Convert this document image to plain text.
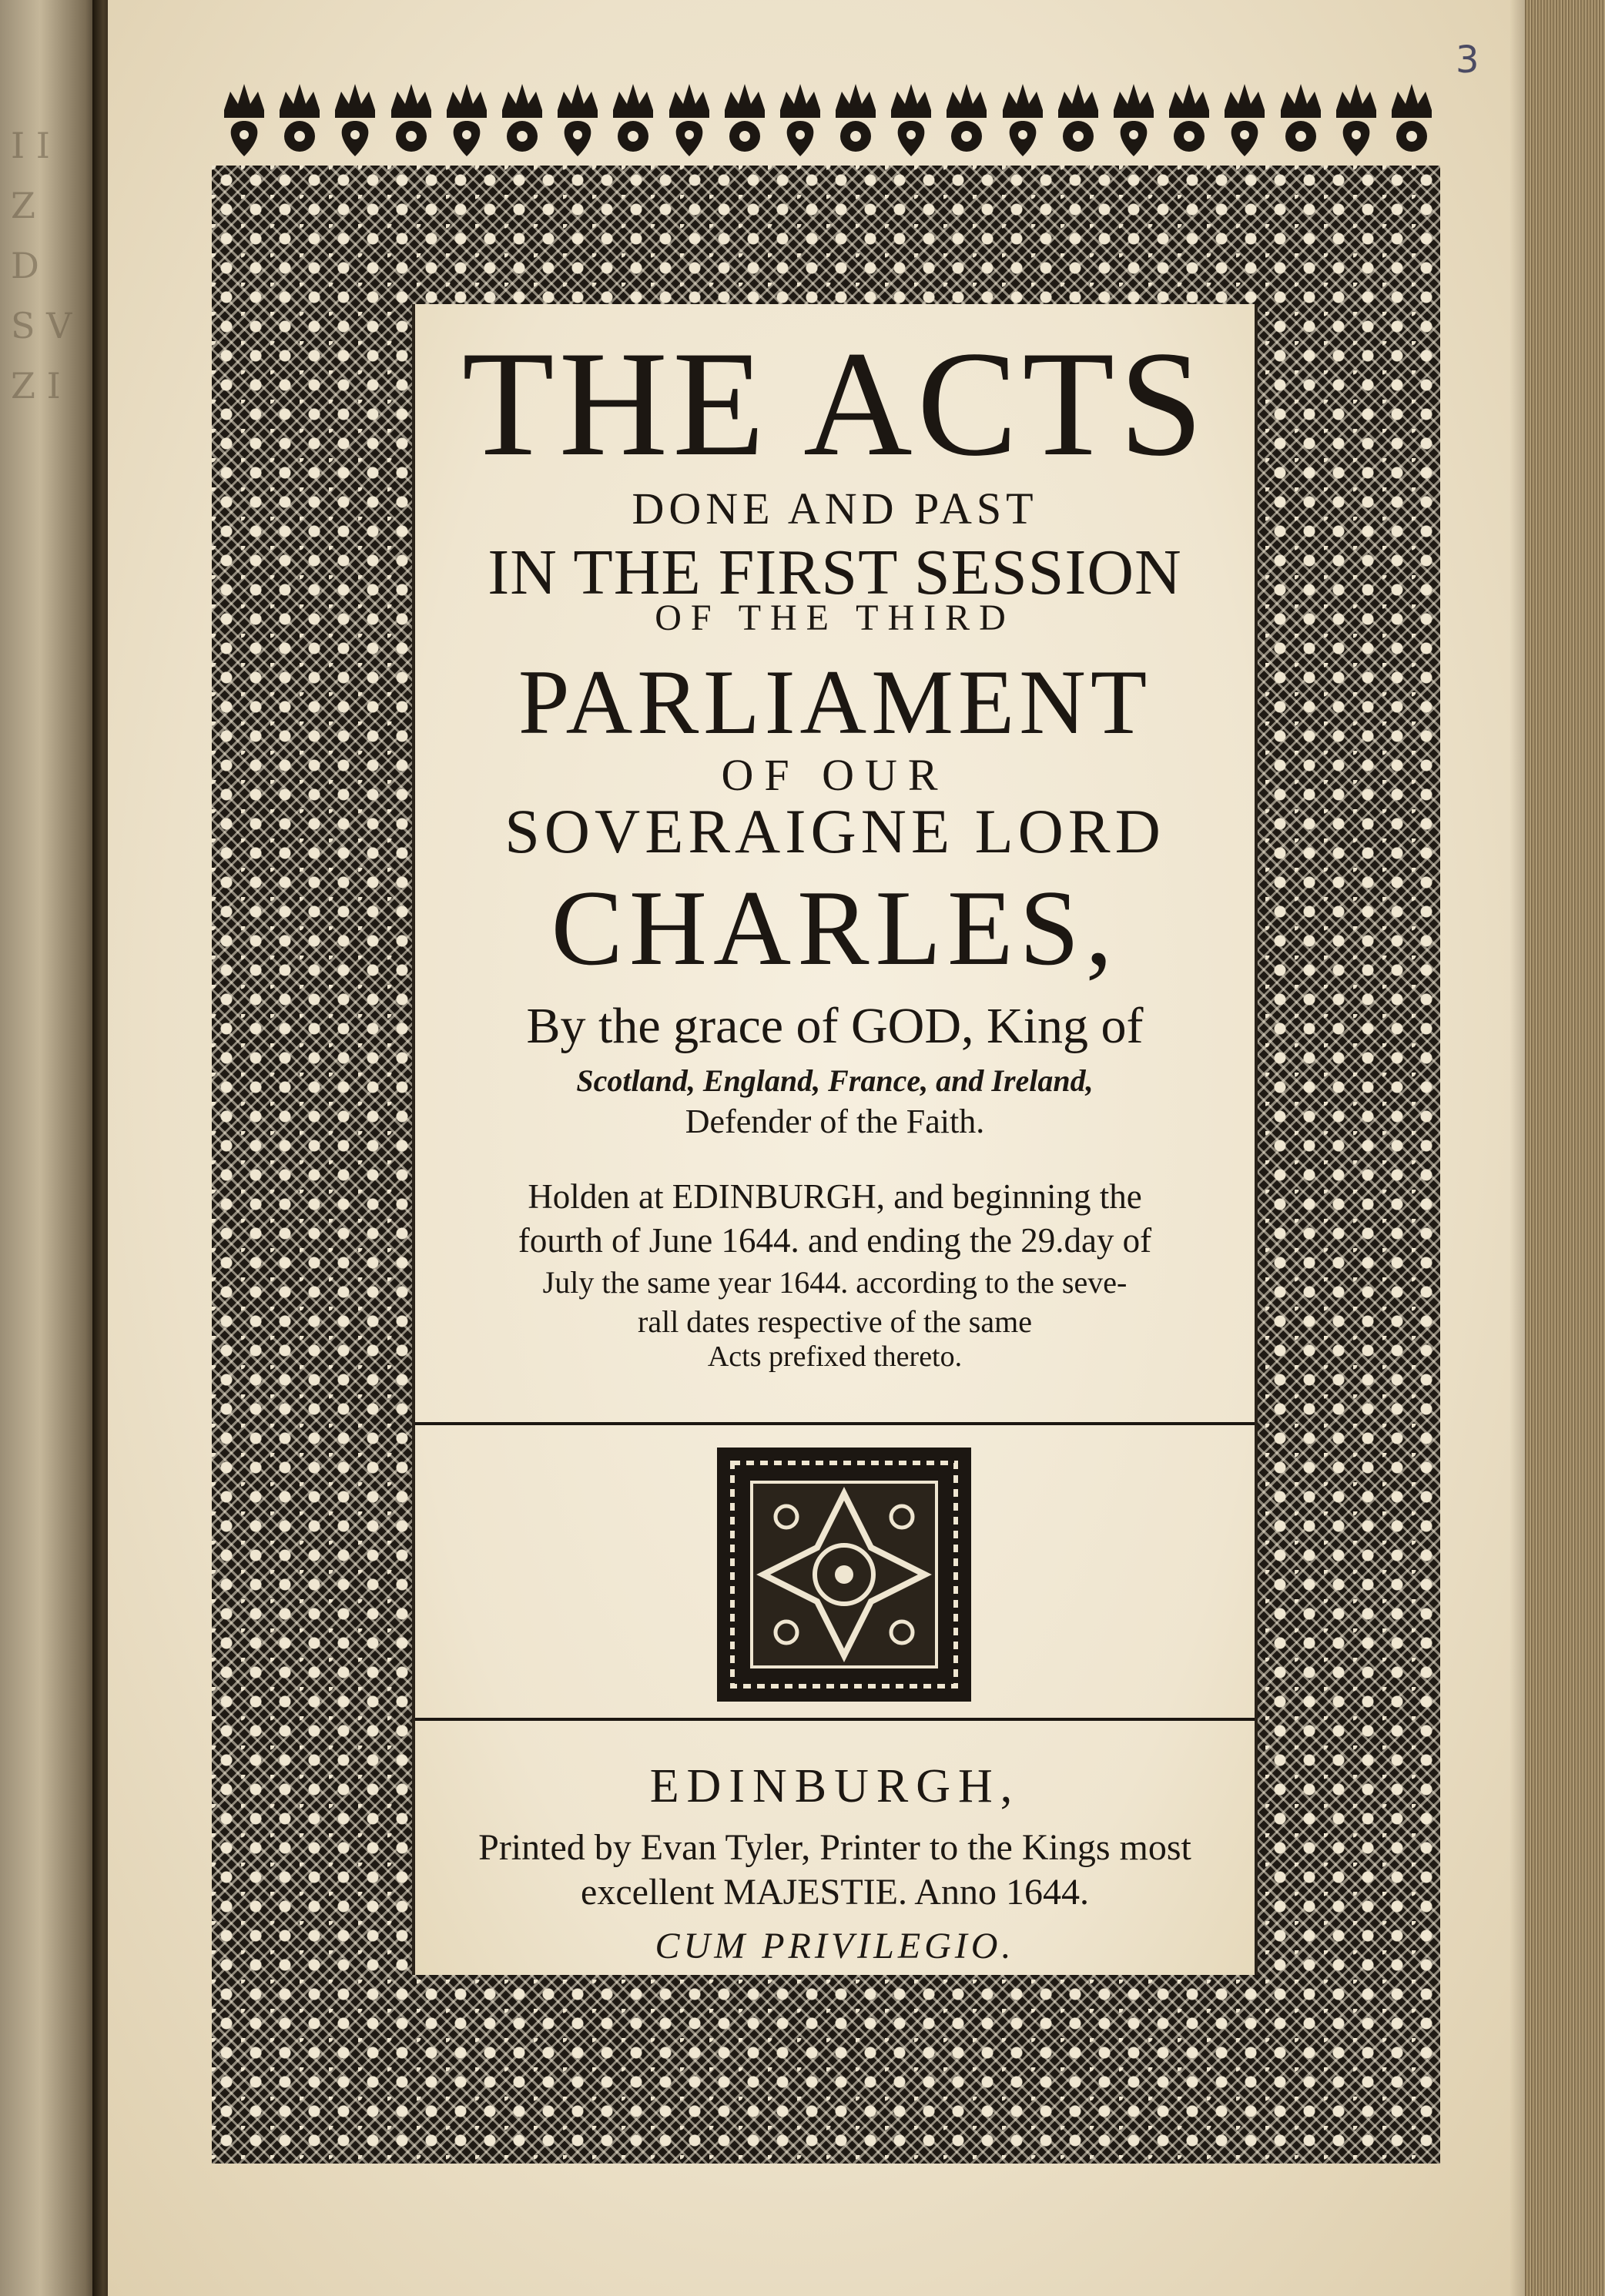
I I Z D S V Z I
3
THE ACTS
DONE AND PAST
IN THE FIRST SESSION
OF THE THIRD
PARLIAMENT
OF OUR
SOVERAIGNE LORD
CHARLES,
By the grace of GOD, King of
Scotland, England, France, and Ireland,
Defender of the Faith.
Holden at EDINBURGH, and beginning the
fourth of June 1644. and ending the 29.day of
July the same year 1644. according to the seve-
rall dates respective of the same
Acts prefixed thereto.
EDINBURGH,
Printed by Evan Tyler, Printer to the Kings most
excellent MAJESTIE. Anno 1644.
CUM PRIVILEGIO.
